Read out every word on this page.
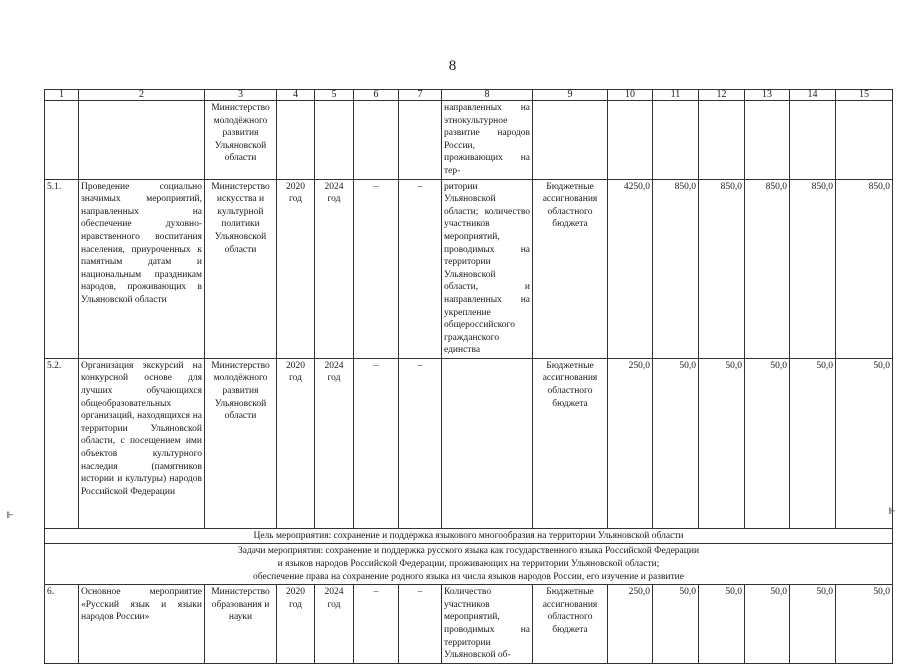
8
1	2	3	4	5	6	7	8	9	10	11	12	13	14	15
		Министерство молодёжного развития Ульяновской области					направленных на этнокультурное развитие народов России, проживающих на тер-							
5.1.	Проведение социально значимых мероприятий, направленных на обеспечение духовно-нравственного воспитания населения, приуроченных к памятным датам и национальным праздникам народов, проживающих в Ульяновской области	Министерство искусства и культурной политики Ульяновской области	2020 год	2024 год	–	–	ритории Ульяновской области; количество участников мероприятий, проводимых на территории Ульяновской области, и направленных на укрепление общероссийского гражданского единства	Бюджетные ассигнования областного бюджета	4250,0	850,0	850,0	850,0	850,0	850,0
5.2.	Организация экскурсий на конкурсной основе для лучших обучающихся общеобразовательных организаций, находящихся на территории Ульяновской области, с посещением ими объектов культурного наследия (памятников истории и культуры) народов Российской Федерации	Министерство молодёжного развития Ульяновской области	2020 год	2024 год	–	–		Бюджетные ассигнования областного бюджета	250,0	50,0	50,0	50,0	50,0	50,0
Цель мероприятия: сохранение и поддержка языкового многообразия на территории Ульяновской области														

Задачи мероприятия: сохранение и поддержка русского языка как государственного языка Российской Федерации
и языков народов Российской Федерации, проживающих на территории Ульяновской области;
обеспечение права на сохранение родного языка из числа языков народов России, его изучение и развитие														

6.	Основное мероприятие «Русский язык и языки народов России»	Министерство образования и науки	2020 год	2024 год	–	–	Количество участников мероприятий, проводимых на территории Ульяновской об-	Бюджетные ассигнования областного бюджета	250,0	50,0	50,0	50,0	50,0	50,0
⊩	⊩
